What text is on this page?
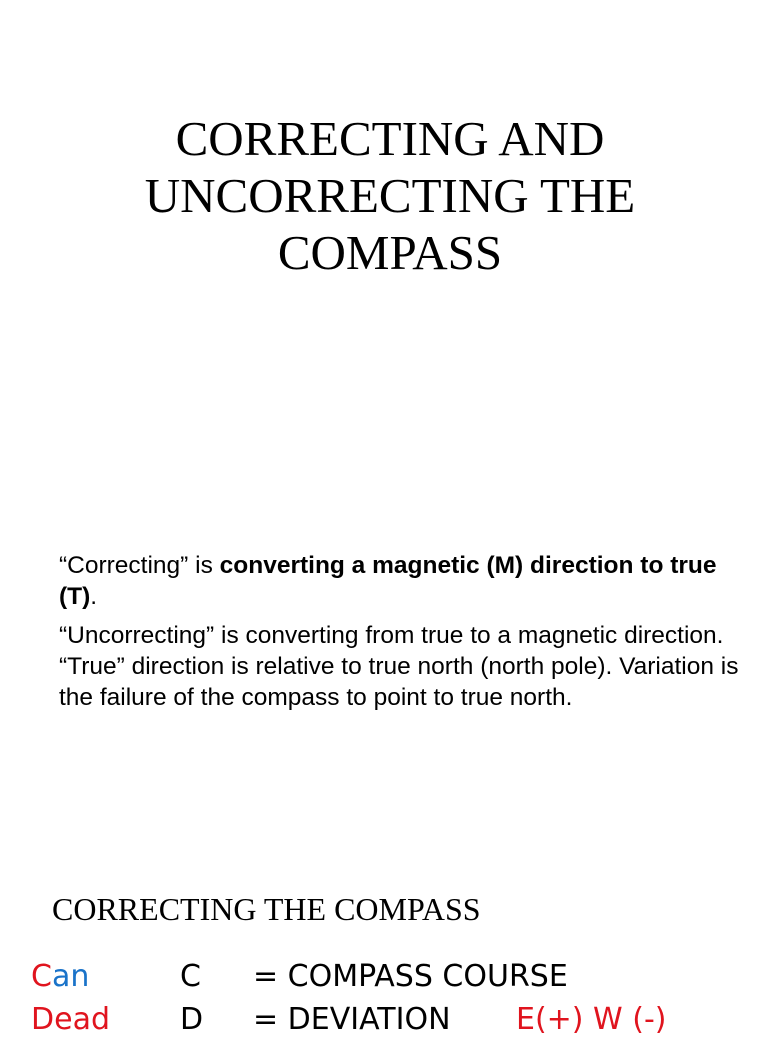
CORRECTING AND
UNCORRECTING THE
COMPASS

“Correcting” is converting a magnetic (M) direction to true (T).

“Uncorrecting” is converting from true to a magnetic direction. “True” direction is relative to true north (north pole). Variation is the failure of the compass to point to true north.

CORRECTING THE COMPASS
Can	C = COMPASS COURSE
Dead D = DEVIATION E(+) W (-)
